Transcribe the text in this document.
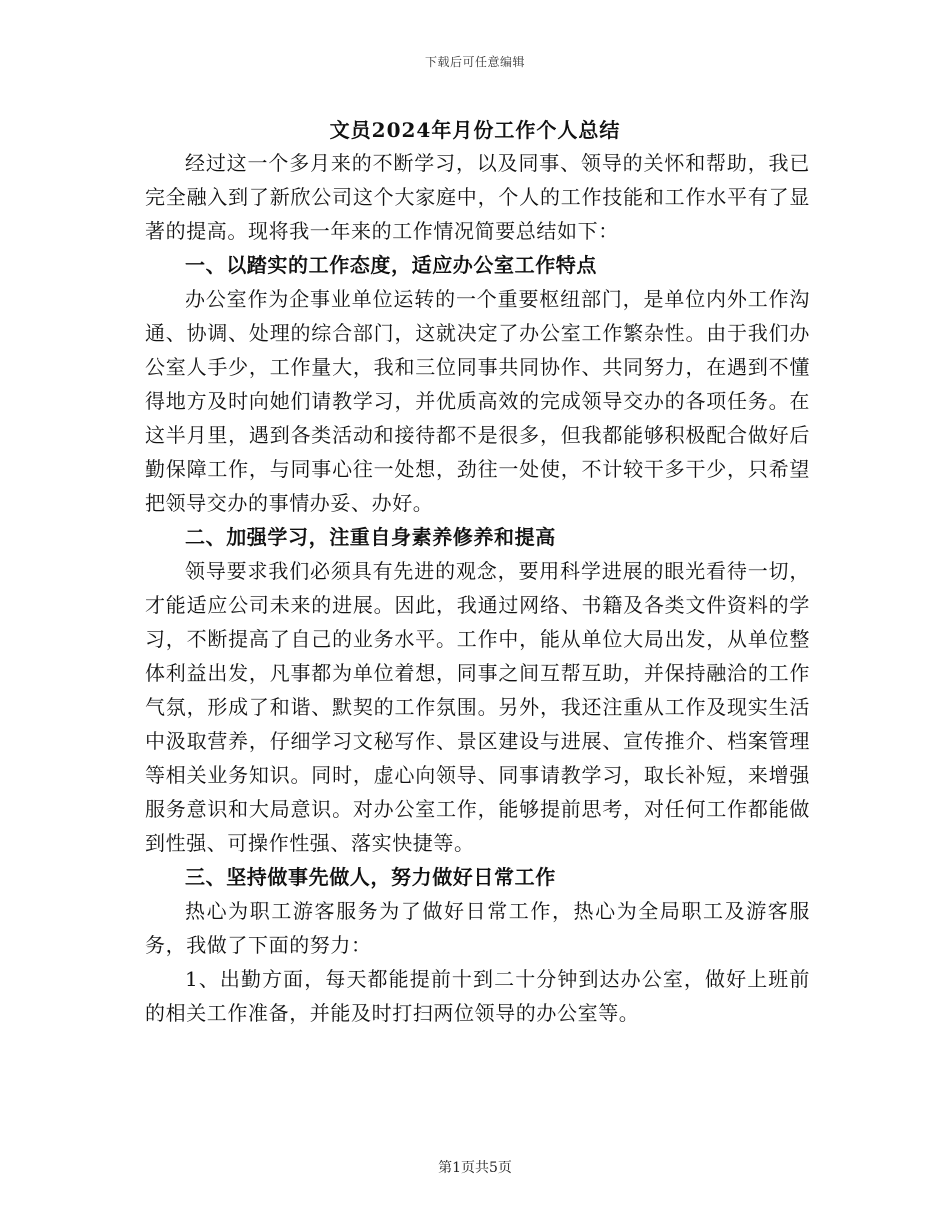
下载后可任意编辑
文员2024年月份工作个人总结

经过这一个多月来的不断学习，以及同事、领导的关怀和帮助，我已完全融入到了新欣公司这个大家庭中，个人的工作技能和工作水平有了显著的提高。现将我一年来的工作情况简要总结如下：

一、以踏实的工作态度，适应办公室工作特点

办公室作为企事业单位运转的一个重要枢纽部门，是单位内外工作沟通、协调、处理的综合部门，这就决定了办公室工作繁杂性。由于我们办公室人手少，工作量大，我和三位同事共同协作、共同努力，在遇到不懂得地方及时向她们请教学习，并优质高效的完成领导交办的各项任务。在这半月里，遇到各类活动和接待都不是很多，但我都能够积极配合做好后勤保障工作，与同事心往一处想，劲往一处使，不计较干多干少，只希望把领导交办的事情办妥、办好。

二、加强学习，注重自身素养修养和提高

领导要求我们必须具有先进的观念，要用科学进展的眼光看待一切，才能适应公司未来的进展。因此，我通过网络、书籍及各类文件资料的学习，不断提高了自己的业务水平。工作中，能从单位大局出发，从单位整体利益出发，凡事都为单位着想，同事之间互帮互助，并保持融洽的工作气氛，形成了和谐、默契的工作氛围。另外，我还注重从工作及现实生活中汲取营养，仔细学习文秘写作、景区建设与进展、宣传推介、档案管理等相关业务知识。同时，虚心向领导、同事请教学习，取长补短，来增强服务意识和大局意识。对办公室工作，能够提前思考，对任何工作都能做到性强、可操作性强、落实快捷等。

三、坚持做事先做人，努力做好日常工作

热心为职工游客服务为了做好日常工作，热心为全局职工及游客服务，我做了下面的努力：

1、出勤方面，每天都能提前十到二十分钟到达办公室，做好上班前的相关工作准备，并能及时打扫两位领导的办公室等。

第1页共5页
